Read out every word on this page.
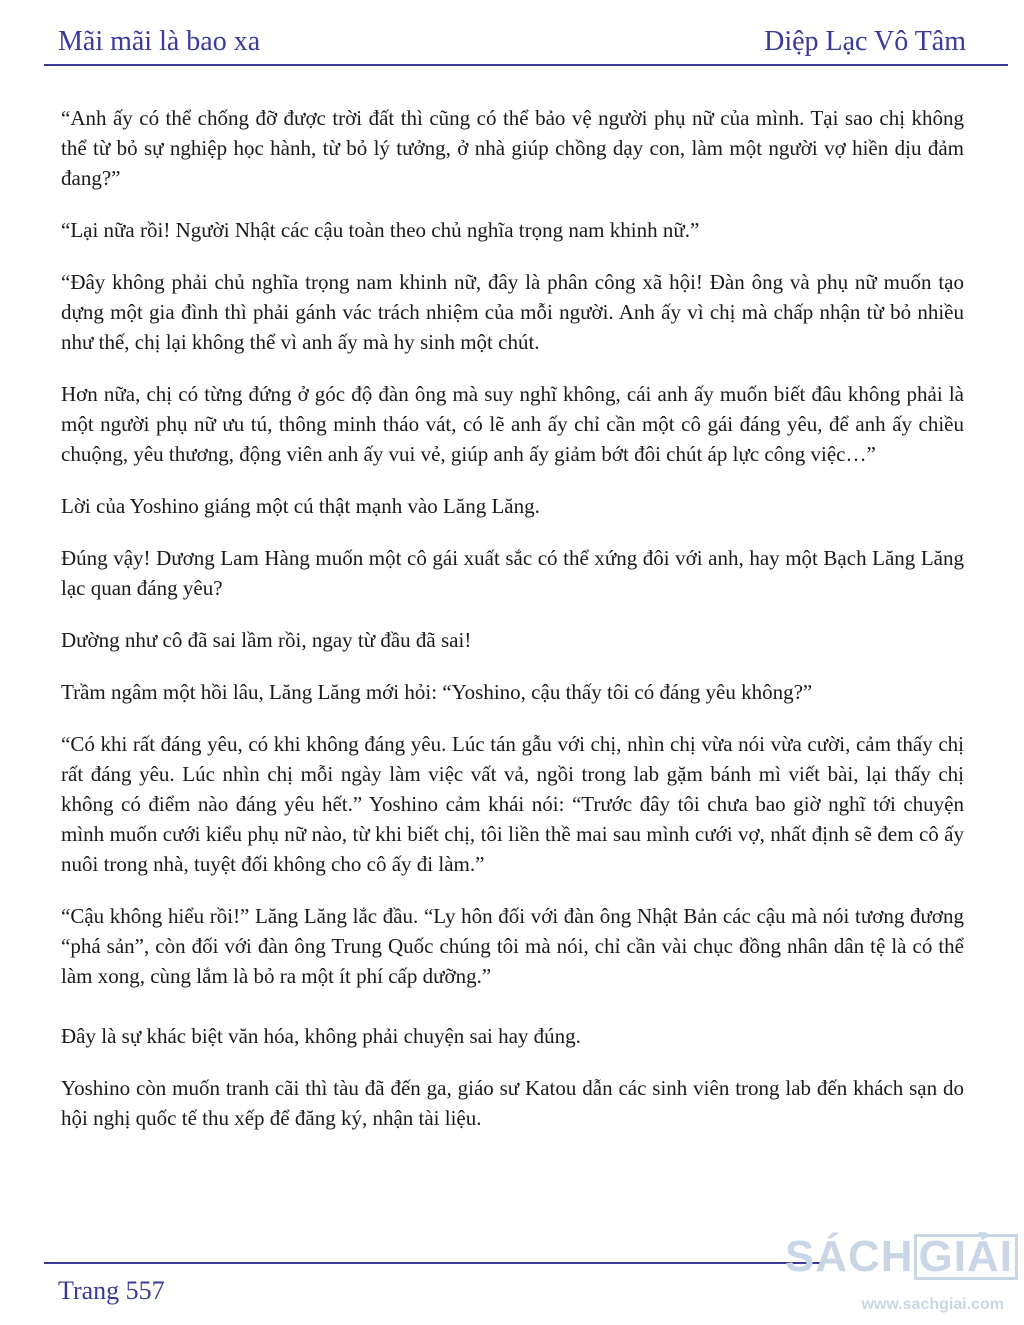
Mãi mãi là bao xa	Diệp Lạc Vô Tâm

“Anh ấy có thể chống đỡ được trời đất thì cũng có thể bảo vệ người phụ nữ của mình. Tại sao chị không thể từ bỏ sự nghiệp học hành, từ bỏ lý tưởng, ở nhà giúp chồng dạy con, làm một người vợ hiền dịu đảm đang?”

“Lại nữa rồi! Người Nhật các cậu toàn theo chủ nghĩa trọng nam khinh nữ.”

“Đây không phải chủ nghĩa trọng nam khinh nữ, đây là phân công xã hội! Đàn ông và phụ nữ muốn tạo dựng một gia đình thì phải gánh vác trách nhiệm của mỗi người. Anh ấy vì chị mà chấp nhận từ bỏ nhiều như thế, chị lại không thể vì anh ấy mà hy sinh một chút.

Hơn nữa, chị có từng đứng ở góc độ đàn ông mà suy nghĩ không, cái anh ấy muốn biết đâu không phải là một người phụ nữ ưu tú, thông minh tháo vát, có lẽ anh ấy chỉ cần một cô gái đáng yêu, để anh ấy chiều chuộng, yêu thương, động viên anh ấy vui vẻ, giúp anh ấy giảm bớt đôi chút áp lực công việc…”

Lời của Yoshino giáng một cú thật mạnh vào Lăng Lăng.

Đúng vậy! Dương Lam Hàng muốn một cô gái xuất sắc có thể xứng đôi với anh, hay một Bạch Lăng Lăng lạc quan đáng yêu?

Dường như cô đã sai lầm rồi, ngay từ đầu đã sai!

Trầm ngâm một hồi lâu, Lăng Lăng mới hỏi: “Yoshino, cậu thấy tôi có đáng yêu không?”

“Có khi rất đáng yêu, có khi không đáng yêu. Lúc tán gẫu với chị, nhìn chị vừa nói vừa cười, cảm thấy chị rất đáng yêu. Lúc nhìn chị mỗi ngày làm việc vất vả, ngồi trong lab gặm bánh mì viết bài, lại thấy chị không có điểm nào đáng yêu hết.” Yoshino cảm khái nói: “Trước đây tôi chưa bao giờ nghĩ tới chuyện mình muốn cưới kiểu phụ nữ nào, từ khi biết chị, tôi liền thề mai sau mình cưới vợ, nhất định sẽ đem cô ấy nuôi trong nhà, tuyệt đối không cho cô ấy đi làm.”

“Cậu không hiểu rồi!” Lăng Lăng lắc đầu. “Ly hôn đối với đàn ông Nhật Bản các cậu mà nói tương đương “phá sản”, còn đối với đàn ông Trung Quốc chúng tôi mà nói, chỉ cần vài chục đồng nhân dân tệ là có thể làm xong, cùng lắm là bỏ ra một ít phí cấp dưỡng.”

Đây là sự khác biệt văn hóa, không phải chuyện sai hay đúng.

Yoshino còn muốn tranh cãi thì tàu đã đến ga, giáo sư Katou dẫn các sinh viên trong lab đến khách sạn do hội nghị quốc tế thu xếp để đăng ký, nhận tài liệu.

Trang 557
SÁCH GIẢI
www.sachgiai.com
